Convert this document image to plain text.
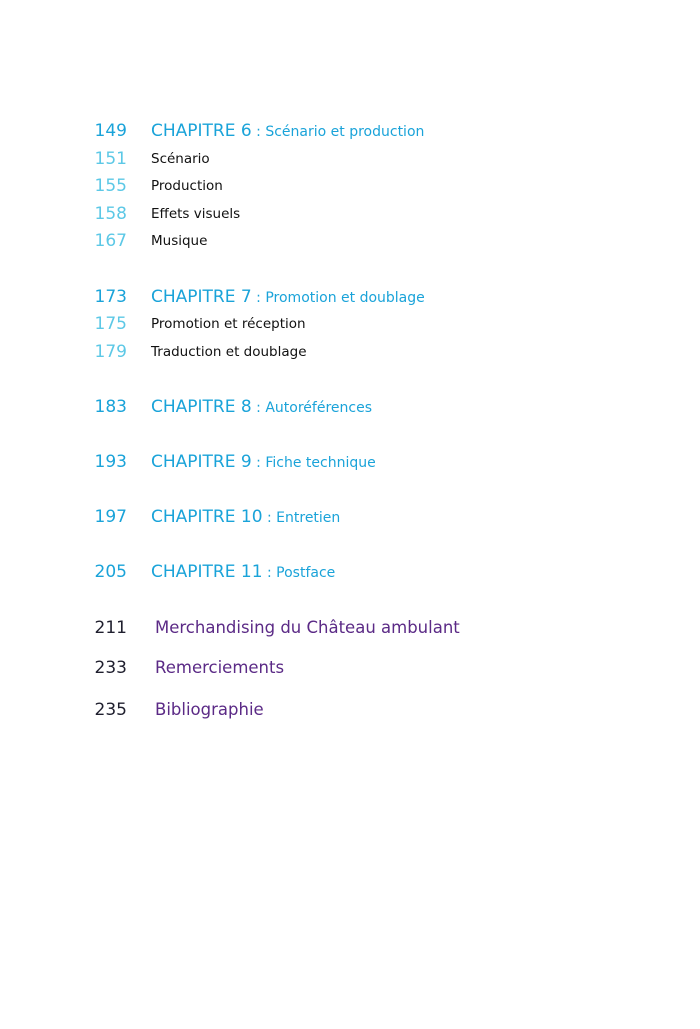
149 CHAPITRE 6 : Scénario et production
151 Scénario
155 Production
158 Effets visuels
167 Musique
173 CHAPITRE 7 : Promotion et doublage
175 Promotion et réception
179 Traduction et doublage
183 CHAPITRE 8 : Autoréférences
193 CHAPITRE 9 : Fiche technique
197 CHAPITRE 10 : Entretien
205 CHAPITRE 11 : Postface
211 Merchandising du Château ambulant
233 Remerciements
235 Bibliographie
